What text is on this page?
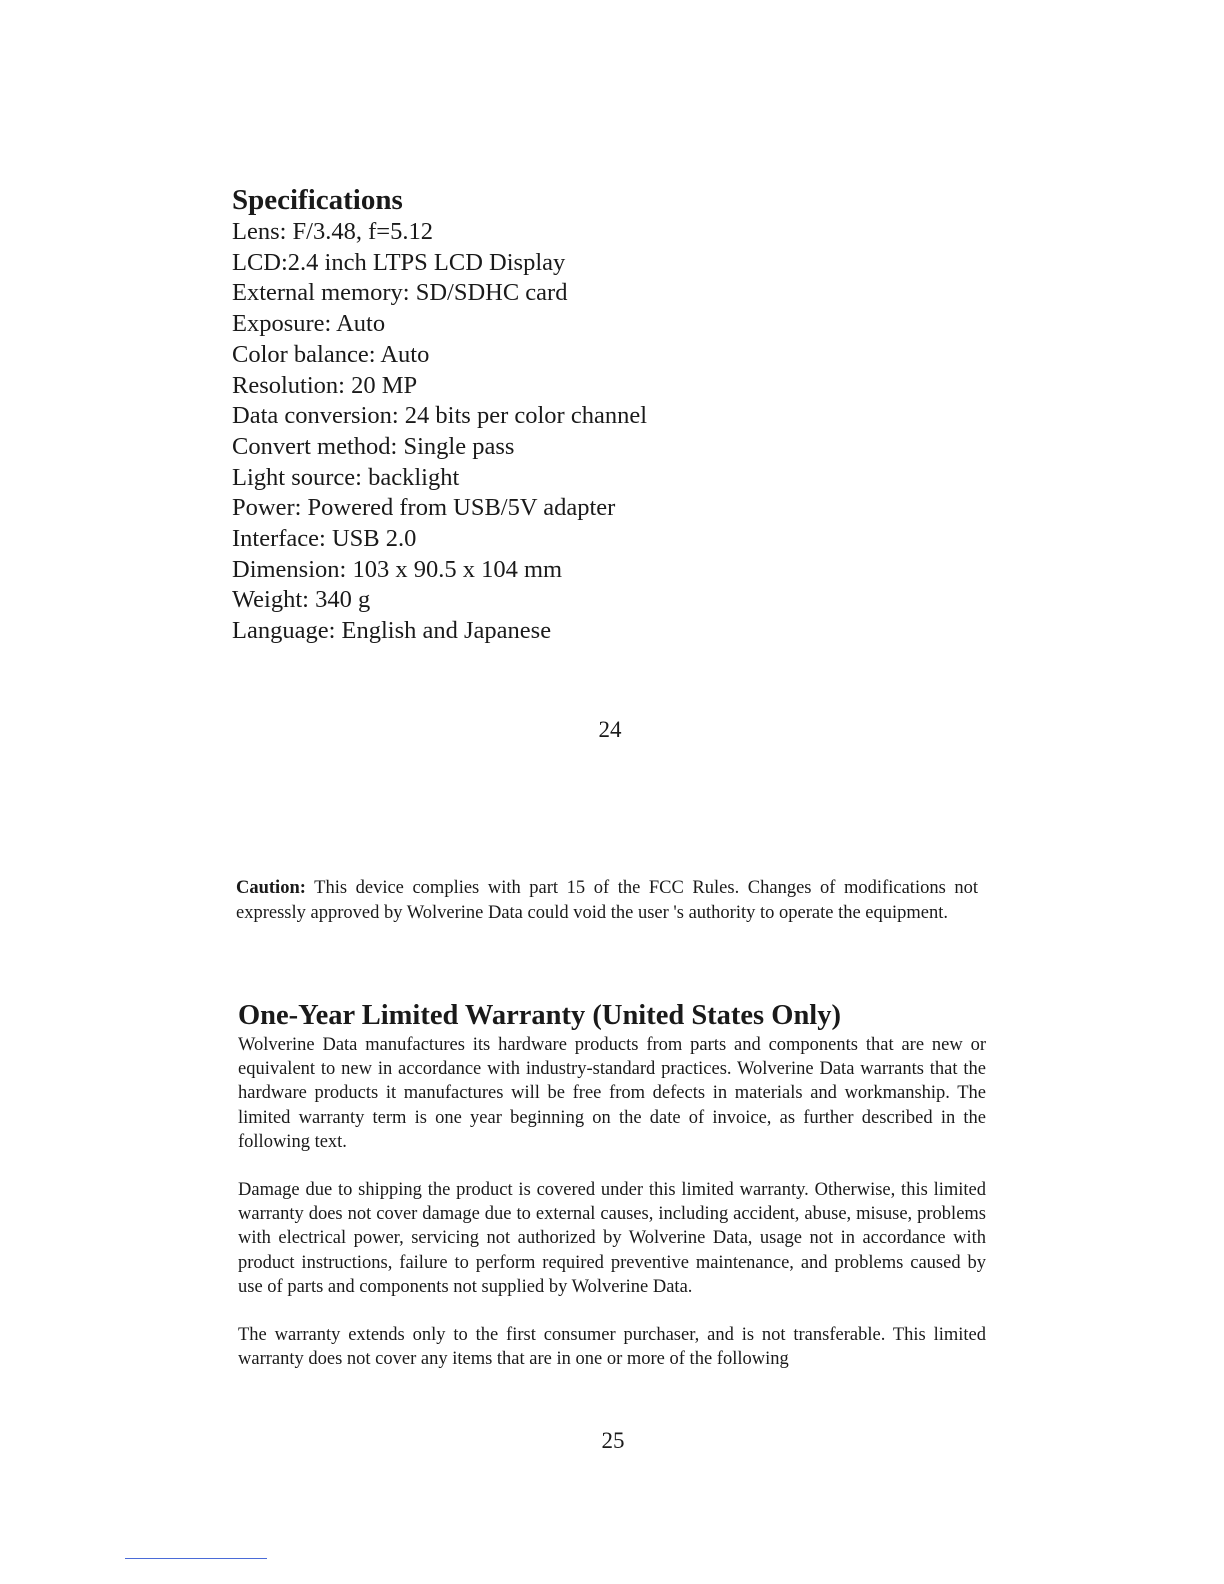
Specifications
Lens: F/3.48, f=5.12
LCD:2.4 inch LTPS LCD Display
External memory: SD/SDHC card
Exposure: Auto
Color balance: Auto
Resolution: 20 MP
Data conversion: 24 bits per color channel
Convert method: Single pass
Light source: backlight
Power: Powered from USB/5V adapter
Interface: USB 2.0
Dimension: 103 x 90.5 x 104 mm
Weight: 340 g
Language: English and Japanese
24

Caution: This device complies with part 15 of the FCC Rules. Changes of modifications not expressly approved by Wolverine Data could void the user 's authority to operate the equipment.

One-Year Limited Warranty (United States Only)

Wolverine Data manufactures its hardware products from parts and components that are new or equivalent to new in accordance with industry-standard practices. Wolverine Data warrants that the hardware products it manufactures will be free from defects in materials and workmanship. The limited warranty term is one year beginning on the date of invoice, as further described in the following text.

Damage due to shipping the product is covered under this limited warranty. Otherwise, this limited warranty does not cover damage due to external causes, including accident, abuse, misuse, problems with electrical power, servicing not authorized by Wolverine Data, usage not in accordance with product instructions, failure to perform required preventive maintenance, and problems caused by use of parts and components not supplied by Wolverine Data.

The warranty extends only to the first consumer purchaser, and is not transferable. This limited warranty does not cover any items that are in one or more of the following

25
